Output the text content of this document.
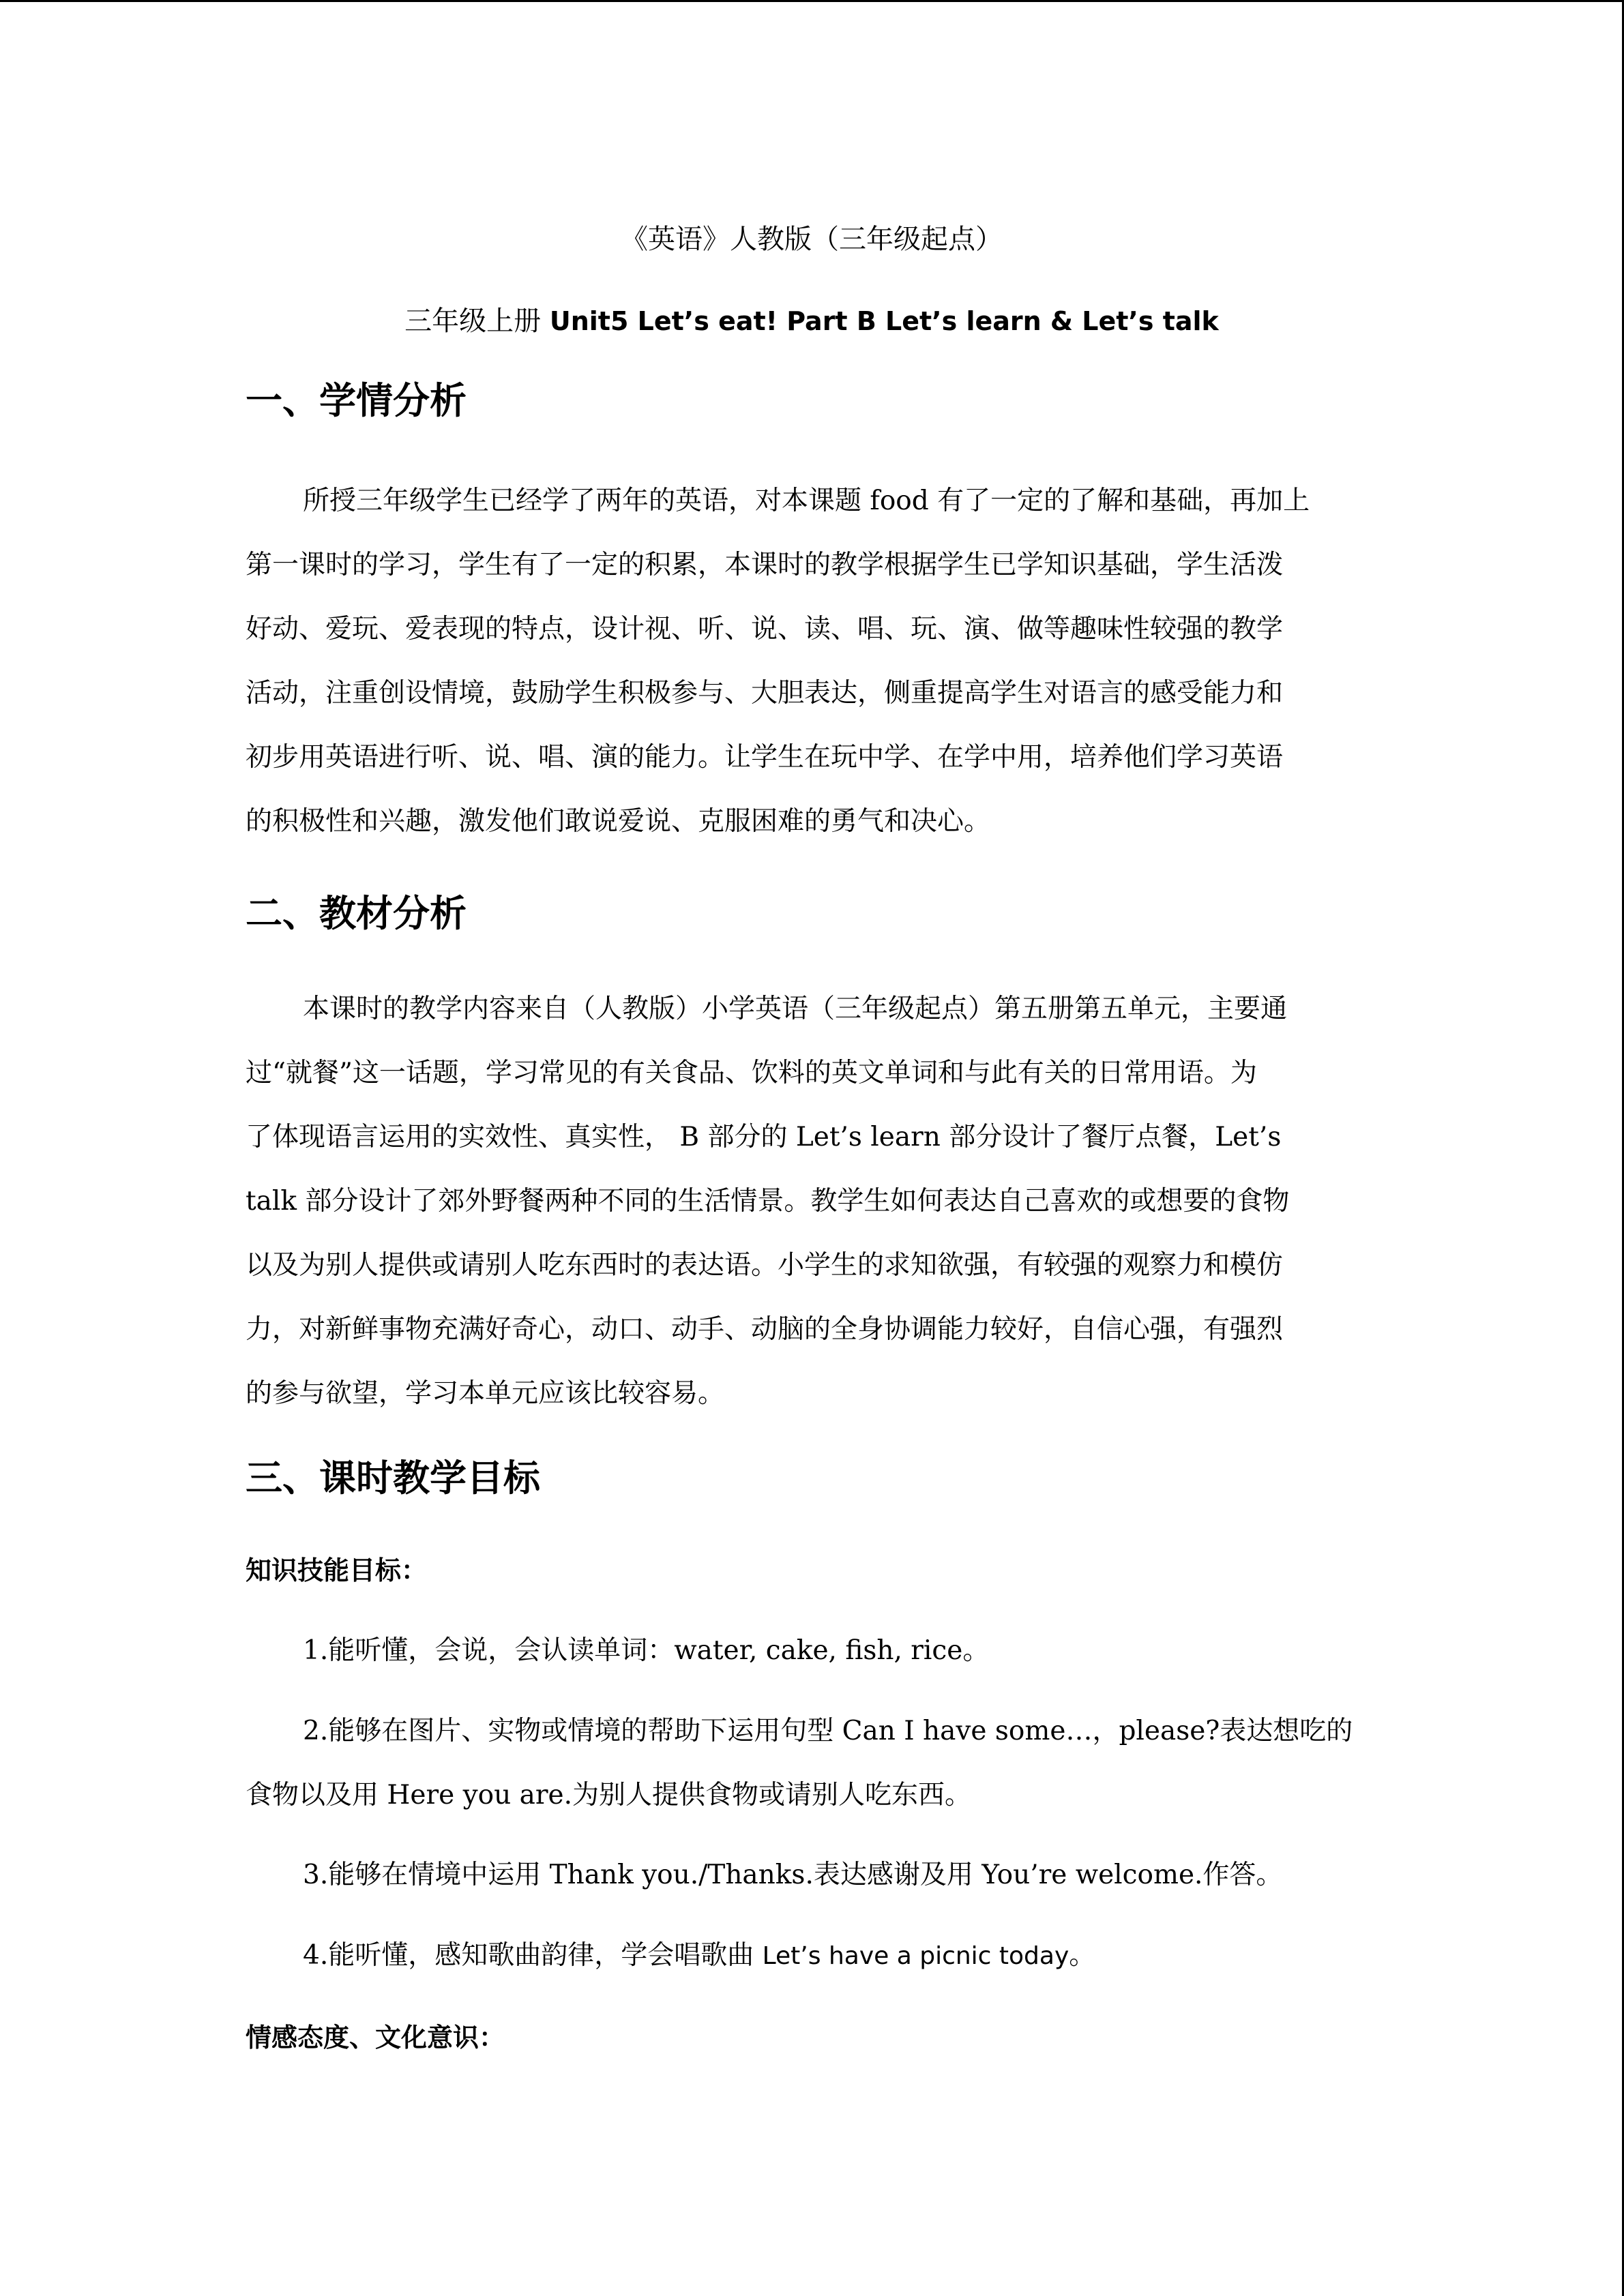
《英语》人教版（三年级起点）
三年级上册 Unit5 Let’s eat! Part B Let’s learn & Let’s talk
一、学情分析
所授三年级学生已经学了两年的英语，对本课题 food 有了一定的了解和基础，再加上
第一课时的学习，学生有了一定的积累，本课时的教学根据学生已学知识基础，学生活泼
好动、爱玩、爱表现的特点，设计视、听、说、读、唱、玩、演、做等趣味性较强的教学
活动，注重创设情境，鼓励学生积极参与、大胆表达，侧重提高学生对语言的感受能力和
初步用英语进行听、说、唱、演的能力。让学生在玩中学、在学中用，培养他们学习英语
的积极性和兴趣，激发他们敢说爱说、克服困难的勇气和决心。
二、教材分析
本课时的教学内容来自（人教版）小学英语（三年级起点）第五册第五单元，主要通
过“就餐”这一话题，学习常见的有关食品、饮料的英文单词和与此有关的日常用语。为
了体现语言运用的实效性、真实性， B 部分的 Let’s learn 部分设计了餐厅点餐，Let’s
talk 部分设计了郊外野餐两种不同的生活情景。教学生如何表达自己喜欢的或想要的食物
以及为别人提供或请别人吃东西时的表达语。小学生的求知欲强，有较强的观察力和模仿
力，对新鲜事物充满好奇心，动口、动手、动脑的全身协调能力较好，自信心强，有强烈
的参与欲望，学习本单元应该比较容易。
三、课时教学目标
知识技能目标：
1.能听懂，会说，会认读单词：water, cake, fish, rice。
2.能够在图片、实物或情境的帮助下运用句型 Can I have some…，please?表达想吃的
食物以及用 Here you are.为别人提供食物或请别人吃东西。
3.能够在情境中运用 Thank you./Thanks.表达感谢及用 You’re welcome.作答。
4.能听懂，感知歌曲韵律，学会唱歌曲 Let’s have a picnic today。
情感态度、文化意识：
